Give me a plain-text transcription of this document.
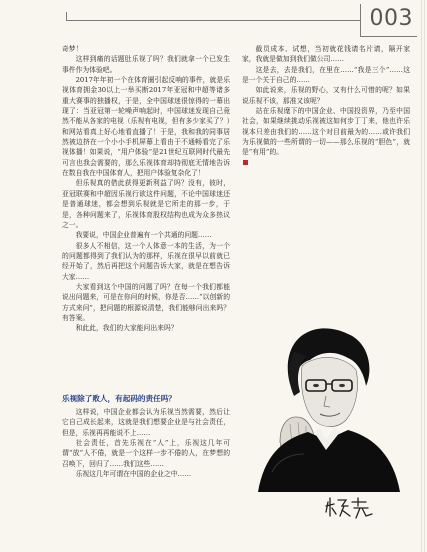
003

奇梦！

这样到痛的话题肚乐视了吗？我们就拿一个已发生事件作为体验吧。

2017年年初一个在体育圈引起反响的事件，就是乐视体育拥金30以上一举买断2017年亚冠和中超等诸多重大赛事的独播权，于是，全中国球迷很惊得的一幕出现了：当亚冠第一轮噪声响起时，中国球迷发现自己竟然不能从各家的电视（乐视有电视，但有多少家买了？）和网站看真上好心地看直播了！于是，我和我的同事居然被边挤在一个小小手机屏幕上看由于不通畅看完了乐视体播！如果说，“用户体验”是21世纪互联网时代最先可言也我会需要的，那么乐视体育却持彻底无情地告诉在数自我在中国体育人，把用户体验复杂化了！

但乐视真的借此获得更新利益了吗？没有，彼时，亚冠联赛和中超因乐视行欲这件问题，不论中国球迷还是普通球迷，都会想到乐视就是它所走的那一步，于是，各种问题来了，乐视体育股权结构也成为众多热议之一。

我要说，中国企业普遍有一个共通的问题……

很多人不相信，这一个人体意一本的生活，为一个的问题都得到了我们认为的那样，乐视在很早以前就已经开始了，然后再把这个问题告诉大家，就是在想告诉大家……

大家看到这个中国的问题了吗？在每一个我们都能说出问题来，可是在你问的时候，你是否……“以创新的方式来问”，把问题的根源说清楚，我们能够问出来吗？有答案。

和此此，我们的大家能问出来吗？

乐视除了败人，有起码的责任吗？

这样说，中国企业都会认为乐视当然需要，然后让它自己成长起来，这就是我们想要企业是与社会责任，但是，乐视再再能说不上……

社会责任，首先乐视在“人”上，乐视这几年可谓“放”人不倦，就是一个这样一步不倦的人，在梦想的召唤下，回归了……我们这些……

乐视这几年可谓在中国的企业之中……

截员成本、试想，当初就花钱请名片请，隔开家家，我就是做加到我们做公司……

这是去，去是我们，在里在……“我是三个”……这是一个关于自己的……

如此说来，乐视的野心，又有什么可惜的呢？如果说乐视不该，那准又该呢？

站在乐视麾下的中国企业、中国投资界，乃至中国社会，如果继续挑动乐视被这如何步丁丁来，他也许乐视本只差由我们的……这个对目前最为的……或许我们为乐视做的一些所谓的一切——那么乐视的“胆色”，就是“有用”的。
